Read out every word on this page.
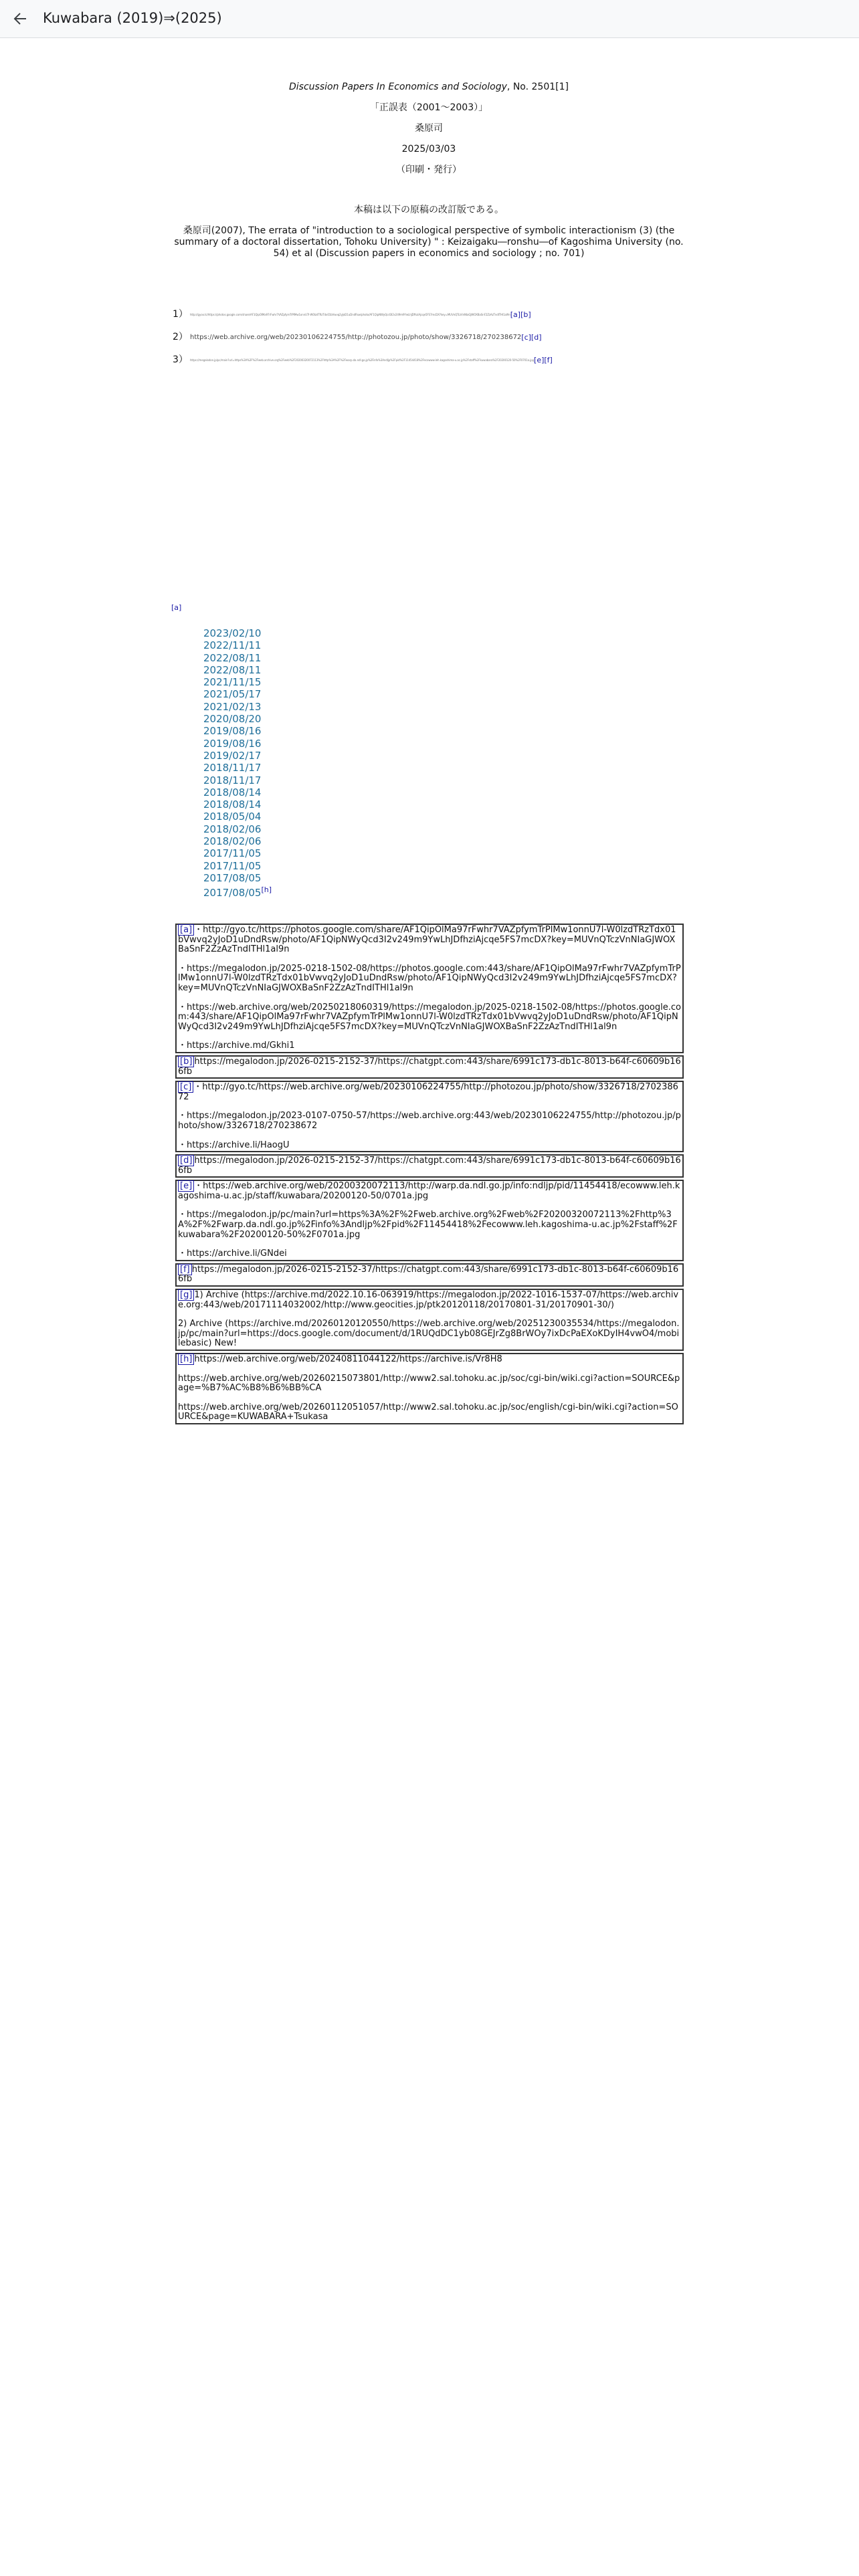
Kuwabara (2019)⇒(2025)
Discussion Papers In Economics and Sociology, No. 2501[1]
「正誤表（2001〜2003）」
桑原司
2025/03/03
（印刷・発行）
本稿は以下の原稿の改訂版である。
桑原司(2007), The errata of "introduction to a sociological perspective of symbolic interactionism (3) (the summary of a doctoral dissertation, Tohoku University) " : Keizaigaku―ronshu―of Kagoshima University (no. 54) et al (Discussion papers in economics and sociology ; no. 701)
1） http://gyoo.tc/https://photos.google.com/share/AF1QipOlMa97rFwhr7VAZpfymTrPlMw1onnU7l-W0lzdTRzTdx01bVwvq2yJoD1uDndRsw/photo/AF1QipNWyQcd3I2v249m9YwLhJDfhziAjcqe5FS7mcDX?key=MUVnQTczVnNIaGJWOXBaSnF2ZzAzTndITHl1al9n [a][b]
2） https://web.archive.org/web/20230106224755/http://photozou.jp/photo/show/3326718/270238672 [c][d]
3） https://megalodon.jp/pc/main?url=https%3A%2F%2Fweb.archive.org%2Fweb%2F20200320072113%2Fhttp%3A%2F%2Fwarp.da.ndl.go.jp%2Finfo%3Andljp%2Fpid%2F11454418%2Fecowww.leh.kagoshima-u.ac.jp%2Fstaff%2Fkuwabara%2F20200120-50%2F0701a.jpg [e][f]
[a]
2023/02/10
2022/11/11
2022/08/11
2022/08/11
2021/11/15
2021/05/17
2021/02/13
2020/08/20
2019/08/16
2019/08/16
2019/02/17
2018/11/17
2018/11/17
2018/08/14
2018/08/14
2018/05/04
2018/02/06
2018/02/06
2017/11/05
2017/11/05
2017/08/05
2017/08/05[h]

[a] ・http://gyo.tc/https://photos.google.com/share/AF1QipOlMa97rFwhr7VAZpfymTrPlMw1onnU7l-W0lzdTRzTdx01bVwvq2yJoD1uDndRsw/photo/AF1QipNWyQcd3I2v249m9YwLhJDfhziAjcqe5FS7mcDX?key=MUVnQTczVnNIaGJWOXBaSnF2ZzAzTndITHl1al9n

・https://megalodon.jp/2025-0218-1502-08/https://photos.google.com:443/share/AF1QipOlMa97rFwhr7VAZpfymTrPlMw1onnU7l-W0lzdTRzTdx01bVwvq2yJoD1uDndRsw/photo/AF1QipNWyQcd3I2v249m9YwLhJDfhziAjcqe5FS7mcDX?key=MUVnQTczVnNIaGJWOXBaSnF2ZzAzTndITHl1al9n

・https://web.archive.org/web/20250218060319/https://megalodon.jp/2025-0218-1502-08/https://photos.google.com:443/share/AF1QipOlMa97rFwhr7VAZpfymTrPlMw1onnU7l-W0lzdTRzTdx01bVwvq2yJoD1uDndRsw/photo/AF1QipNWyQcd3I2v249m9YwLhJDfhziAjcqe5FS7mcDX?key=MUVnQTczVnNIaGJWOXBaSnF2ZzAzTndITHl1al9n

・https://archive.md/Gkhi1

[b] https://megalodon.jp/2026-0215-2152-37/https://chatgpt.com:443/share/6991c173-db1c-8013-b64f-c60609b166fb

[c] ・http://gyo.tc/https://web.archive.org/web/20230106224755/http://photozou.jp/photo/show/3326718/270238672

・https://megalodon.jp/2023-0107-0750-57/https://web.archive.org:443/web/20230106224755/http://photozou.jp/photo/show/3326718/270238672

・https://archive.li/HaogU

[d] https://megalodon.jp/2026-0215-2152-37/https://chatgpt.com:443/share/6991c173-db1c-8013-b64f-c60609b166fb

[e] ・https://web.archive.org/web/20200320072113/http://warp.da.ndl.go.jp/info:ndljp/pid/11454418/ecowww.leh.kagoshima-u.ac.jp/staff/kuwabara/20200120-50/0701a.jpg

・https://megalodon.jp/pc/main?url=https%3A%2F%2Fweb.archive.org%2Fweb%2F20200320072113%2Fhttp%3A%2F%2Fwarp.da.ndl.go.jp%2Finfo%3Andljp%2Fpid%2F11454418%2Fecowww.leh.kagoshima-u.ac.jp%2Fstaff%2Fkuwabara%2F20200120-50%2F0701a.jpg

・https://archive.li/GNdei

[f] https://megalodon.jp/2026-0215-2152-37/https://chatgpt.com:443/share/6991c173-db1c-8013-b64f-c60609b166fb

[g] 1) Archive (https://archive.md/2022.10.16-063919/https://megalodon.jp/2022-1016-1537-07/https://web.archive.org:443/web/20171114032002/http://www.geocities.jp/ptk20120118/20170801-31/20170901-30/)

2) Archive (https://archive.md/20260120120550/https://web.archive.org/web/20251230035534/https://megalodon.jp/pc/main?url=https://docs.google.com/document/d/1RUQdDC1yb08GEJrZg8BrWOy7ixDcPaEXoKDyIH4vwO4/mobilebasic) New!

[h] https://web.archive.org/web/20240811044122/https://archive.is/Vr8H8

https://web.archive.org/web/20260215073801/http://www2.sal.tohoku.ac.jp/soc/cgi-bin/wiki.cgi?action=SOURCE&page=%B7%AC%B8%B6%BB%CA

https://web.archive.org/web/20260112051057/http://www2.sal.tohoku.ac.jp/soc/english/cgi-bin/wiki.cgi?action=SOURCE&page=KUWABARA+Tsukasa
